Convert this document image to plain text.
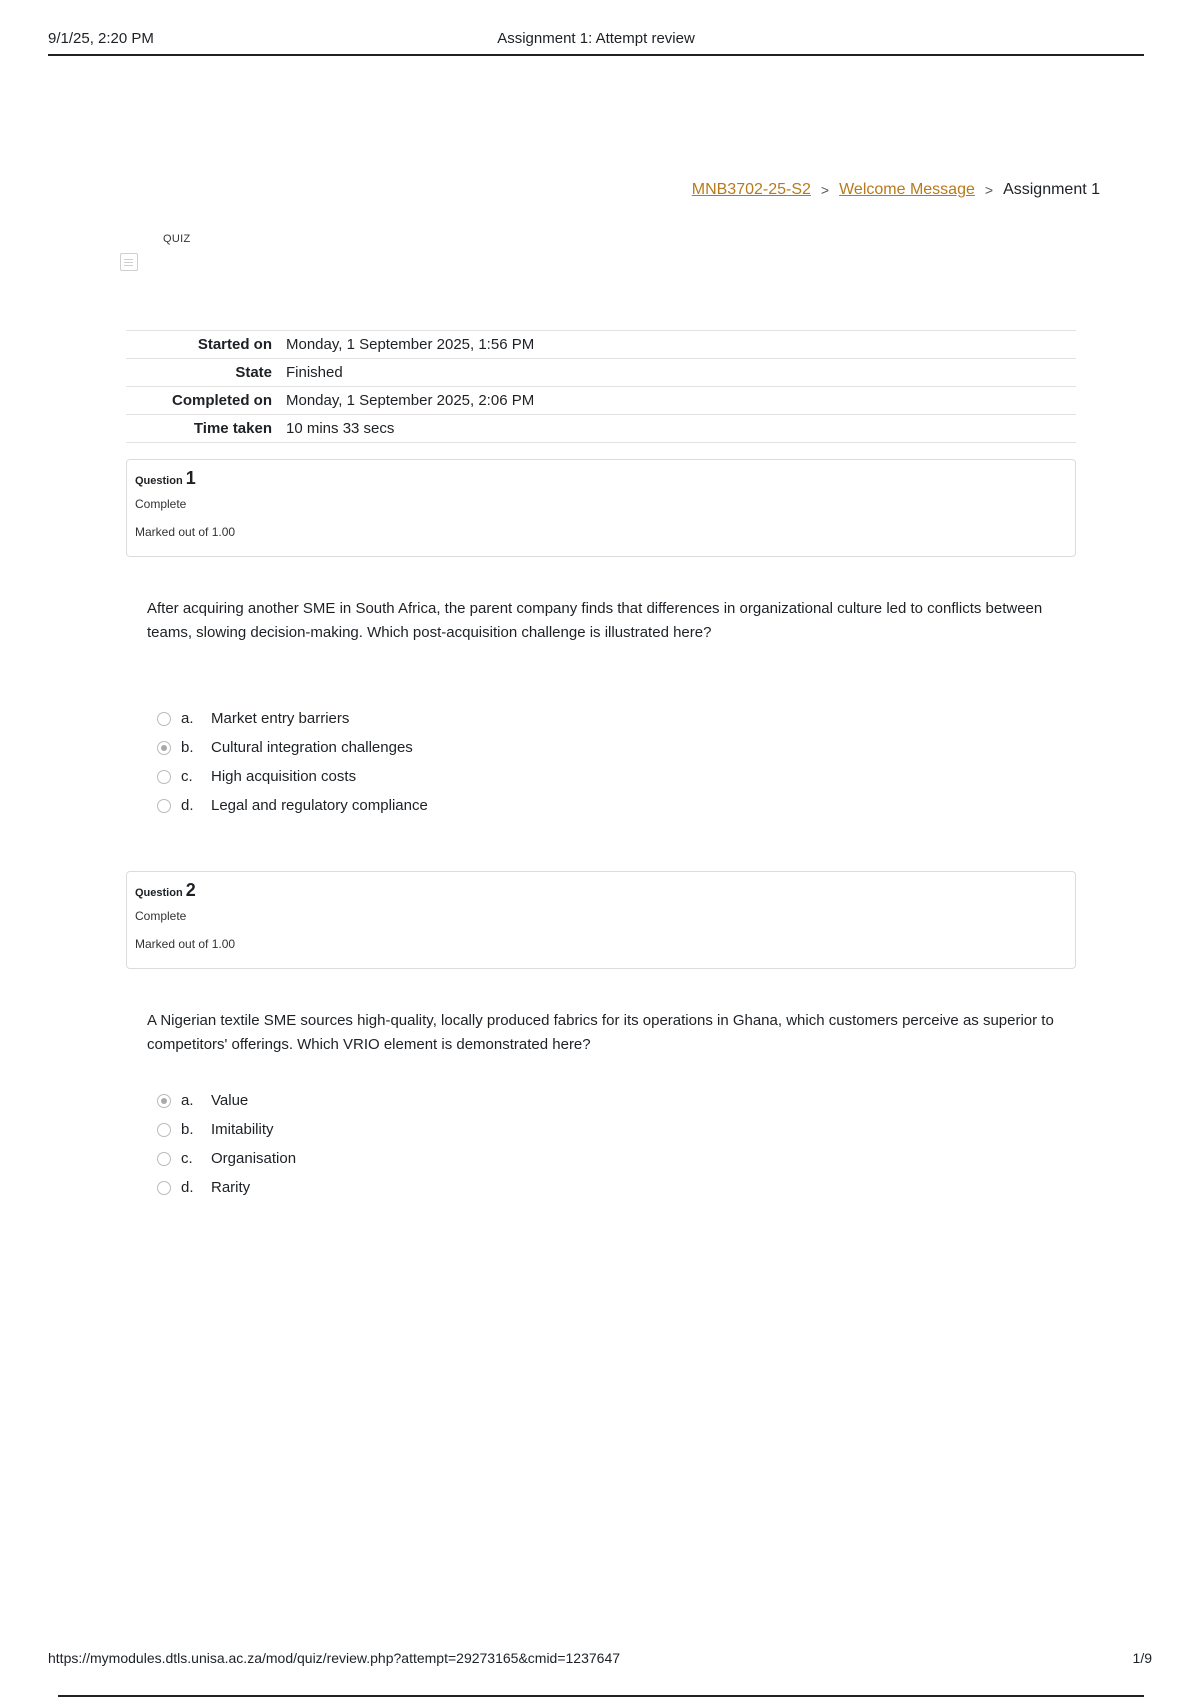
9/1/25, 2:20 PM	Assignment 1: Attempt review
MNB3702-25-S2 > Welcome Message > Assignment 1
QUIZ
Started on	Monday, 1 September 2025, 1:56 PM
State	Finished
Completed on	Monday, 1 September 2025, 2:06 PM
Time taken	10 mins 33 secs
Question 1
Complete
Marked out of 1.00
After acquiring another SME in South Africa, the parent company finds that differences in organizational culture led to conflicts between teams, slowing decision-making. Which post-acquisition challenge is illustrated here?
a.	Market entry barriers
b.	Cultural integration challenges
c.	High acquisition costs
d.	Legal and regulatory compliance
Question 2
Complete
Marked out of 1.00
A Nigerian textile SME sources high-quality, locally produced fabrics for its operations in Ghana, which customers perceive as superior to competitors' offerings. Which VRIO element is demonstrated here?
a.	Value
b.	Imitability
c.	Organisation
d.	Rarity
https://mymodules.dtls.unisa.ac.za/mod/quiz/review.php?attempt=29273165&cmid=1237647	1/9
